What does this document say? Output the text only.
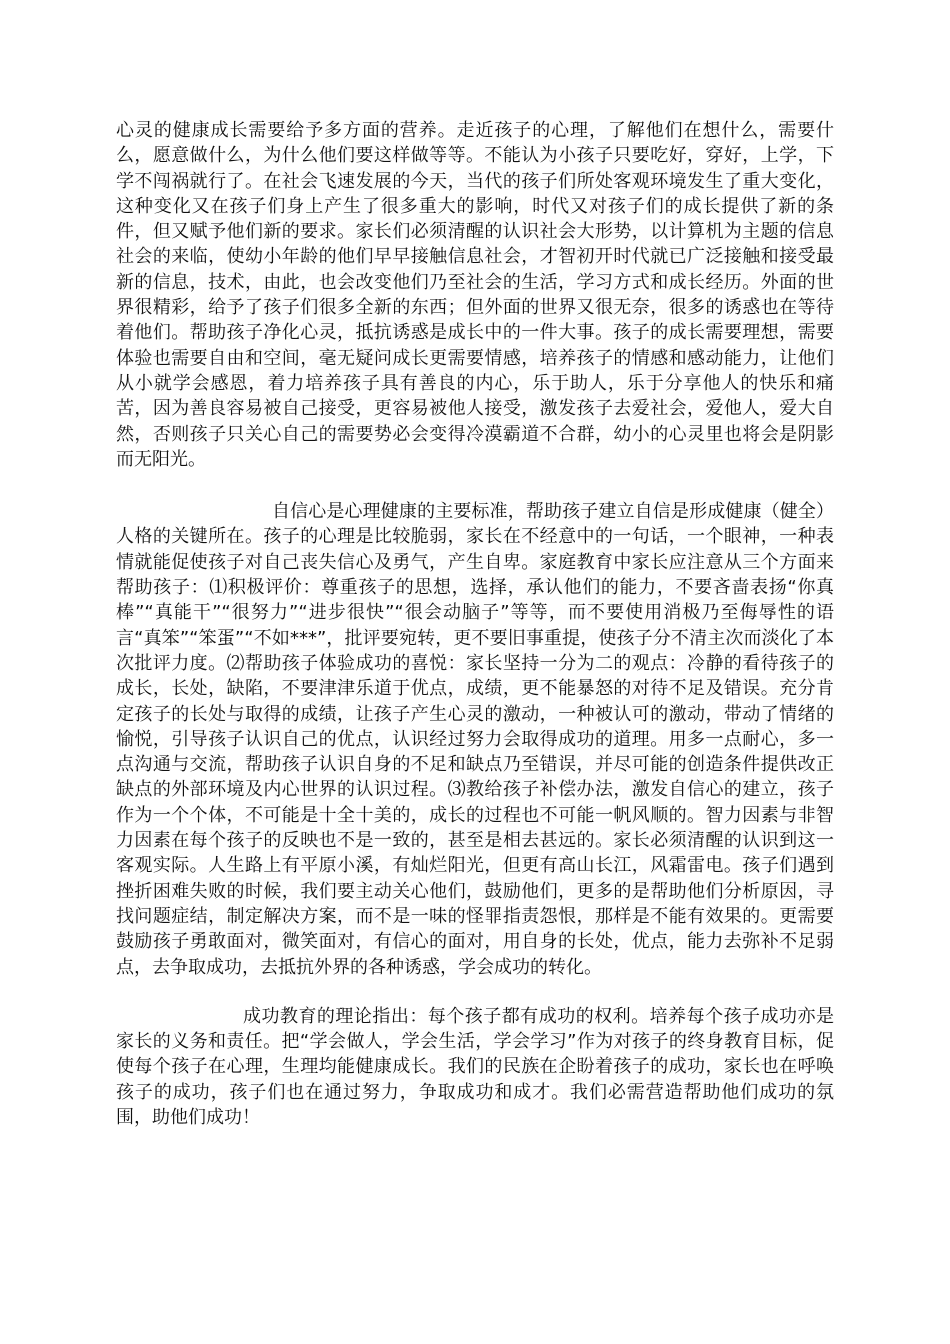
心灵的健康成长需要给予多方面的营养。走近孩子的心理，了解他们在想什么，需要什么，愿意做什么，为什么他们要这样做等等。不能认为小孩子只要吃好，穿好，上学，下学不闯祸就行了。在社会飞速发展的今天，当代的孩子们所处客观环境发生了重大变化，这种变化又在孩子们身上产生了很多重大的影响，时代又对孩子们的成长提供了新的条件，但又赋予他们新的要求。家长们必须清醒的认识社会大形势，以计算机为主题的信息社会的来临，使幼小年龄的他们早早接触信息社会，才智初开时代就已广泛接触和接受最新的信息，技术，由此，也会改变他们乃至社会的生活，学习方式和成长经历。外面的世界很精彩，给予了孩子们很多全新的东西；但外面的世界又很无奈，很多的诱惑也在等待着他们。帮助孩子净化心灵，抵抗诱惑是成长中的一件大事。孩子的成长需要理想，需要体验也需要自由和空间，毫无疑问成长更需要情感，培养孩子的情感和感动能力，让他们从小就学会感恩，着力培养孩子具有善良的内心，乐于助人，乐于分享他人的快乐和痛苦，因为善良容易被自己接受，更容易被他人接受，激发孩子去爱社会，爱他人，爱大自然，否则孩子只关心自己的需要势必会变得冷漠霸道不合群，幼小的心灵里也将会是阴影而无阳光。

自信心是心理健康的主要标准，帮助孩子建立自信是形成健康（健全）人格的关键所在。孩子的心理是比较脆弱，家长在不经意中的一句话，一个眼神，一种表情就能促使孩子对自己丧失信心及勇气，产生自卑。家庭教育中家长应注意从三个方面来帮助孩子：⑴积极评价：尊重孩子的思想，选择，承认他们的能力，不要吝啬表扬“你真棒”“真能干”“很努力”“进步很快”“很会动脑子”等等，而不要使用消极乃至侮辱性的语言“真笨”“笨蛋”“不如***”，批评要宛转，更不要旧事重提，使孩子分不清主次而淡化了本次批评力度。⑵帮助孩子体验成功的喜悦：家长坚持一分为二的观点：冷静的看待孩子的成长，长处，缺陷，不要津津乐道于优点，成绩，更不能暴怒的对待不足及错误。充分肯定孩子的长处与取得的成绩，让孩子产生心灵的激动，一种被认可的激动，带动了情绪的愉悦，引导孩子认识自己的优点，认识经过努力会取得成功的道理。用多一点耐心，多一点沟通与交流，帮助孩子认识自身的不足和缺点乃至错误，并尽可能的创造条件提供改正缺点的外部环境及内心世界的认识过程。⑶教给孩子补偿办法，激发自信心的建立，孩子作为一个个体，不可能是十全十美的，成长的过程也不可能一帆风顺的。智力因素与非智力因素在每个孩子的反映也不是一致的，甚至是相去甚远的。家长必须清醒的认识到这一客观实际。人生路上有平原小溪，有灿烂阳光，但更有高山长江，风霜雷电。孩子们遇到挫折困难失败的时候，我们要主动关心他们，鼓励他们，更多的是帮助他们分析原因，寻找问题症结，制定解决方案，而不是一味的怪罪指责怨恨，那样是不能有效果的。更需要鼓励孩子勇敢面对，微笑面对，有信心的面对，用自身的长处，优点，能力去弥补不足弱点，去争取成功，去抵抗外界的各种诱惑，学会成功的转化。

成功教育的理论指出：每个孩子都有成功的权利。培养每个孩子成功亦是家长的义务和责任。把“学会做人，学会生活，学会学习”作为对孩子的终身教育目标，促使每个孩子在心理，生理均能健康成长。我们的民族在企盼着孩子的成功，家长也在呼唤孩子的成功，孩子们也在通过努力，争取成功和成才。我们必需营造帮助他们成功的氛围，助他们成功！
